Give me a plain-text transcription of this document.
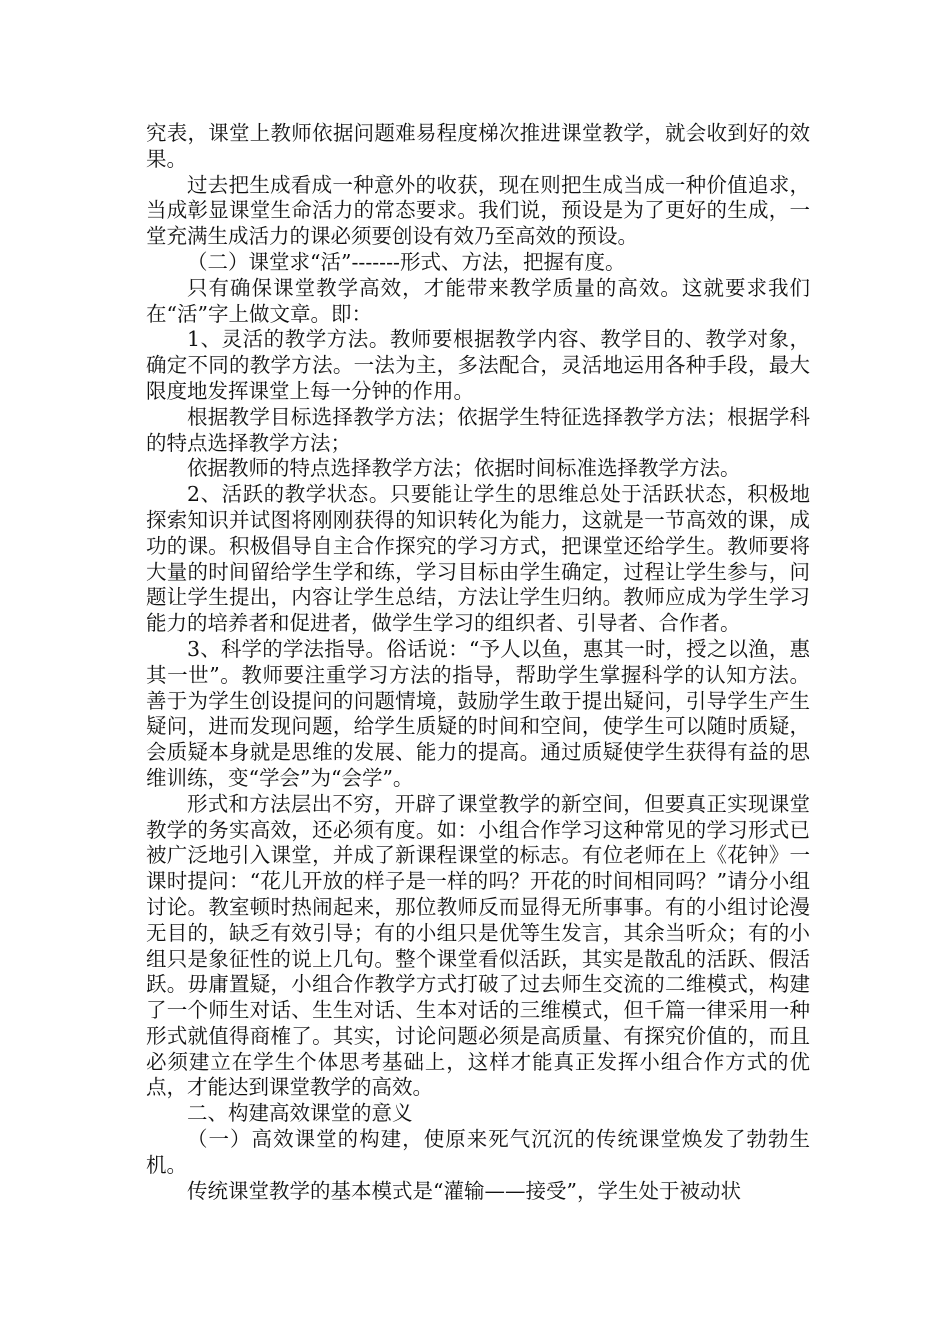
究表，课堂上教师依据问题难易程度梯次推进课堂教学，就会收到好的效果。

过去把生成看成一种意外的收获，现在则把生成当成一种价值追求，当成彰显课堂生命活力的常态要求。我们说，预设是为了更好的生成，一堂充满生成活力的课必须要创设有效乃至高效的预设。

（二）课堂求“活”-------形式、方法，把握有度。

只有确保课堂教学高效，才能带来教学质量的高效。这就要求我们在“活”字上做文章。即：

1、灵活的教学方法。教师要根据教学内容、教学目的、教学对象，确定不同的教学方法。一法为主，多法配合，灵活地运用各种手段，最大限度地发挥课堂上每一分钟的作用。

根据教学目标选择教学方法；依据学生特征选择教学方法；根据学科的特点选择教学方法；

依据教师的特点选择教学方法；依据时间标准选择教学方法。

2、活跃的教学状态。只要能让学生的思维总处于活跃状态，积极地探索知识并试图将刚刚获得的知识转化为能力，这就是一节高效的课，成功的课。积极倡导自主合作探究的学习方式，把课堂还给学生。教师要将大量的时间留给学生学和练，学习目标由学生确定，过程让学生参与，问题让学生提出，内容让学生总结，方法让学生归纳。教师应成为学生学习能力的培养者和促进者，做学生学习的组织者、引导者、合作者。

3、科学的学法指导。俗话说：“予人以鱼，惠其一时，授之以渔，惠其一世”。教师要注重学习方法的指导，帮助学生掌握科学的认知方法。善于为学生创设提问的问题情境，鼓励学生敢于提出疑问，引导学生产生疑问，进而发现问题，给学生质疑的时间和空间，使学生可以随时质疑，会质疑本身就是思维的发展、能力的提高。通过质疑使学生获得有益的思维训练，变“学会”为“会学”。

形式和方法层出不穷，开辟了课堂教学的新空间，但要真正实现课堂教学的务实高效，还必须有度。如：小组合作学习这种常见的学习形式已被广泛地引入课堂，并成了新课程课堂的标志。有位老师在上《花钟》一课时提问：“花儿开放的样子是一样的吗？开花的时间相同吗？”请分小组讨论。教室顿时热闹起来，那位教师反而显得无所事事。有的小组讨论漫无目的，缺乏有效引导；有的小组只是优等生发言，其余当听众；有的小组只是象征性的说上几句。整个课堂看似活跃，其实是散乱的活跃、假活跃。毋庸置疑，小组合作教学方式打破了过去师生交流的二维模式，构建了一个师生对话、生生对话、生本对话的三维模式，但千篇一律采用一种形式就值得商榷了。其实，讨论问题必须是高质量、有探究价值的，而且必须建立在学生个体思考基础上，这样才能真正发挥小组合作方式的优点，才能达到课堂教学的高效。

二、构建高效课堂的意义

（一）高效课堂的构建，使原来死气沉沉的传统课堂焕发了勃勃生机。

传统课堂教学的基本模式是“灌输——接受”，学生处于被动状
